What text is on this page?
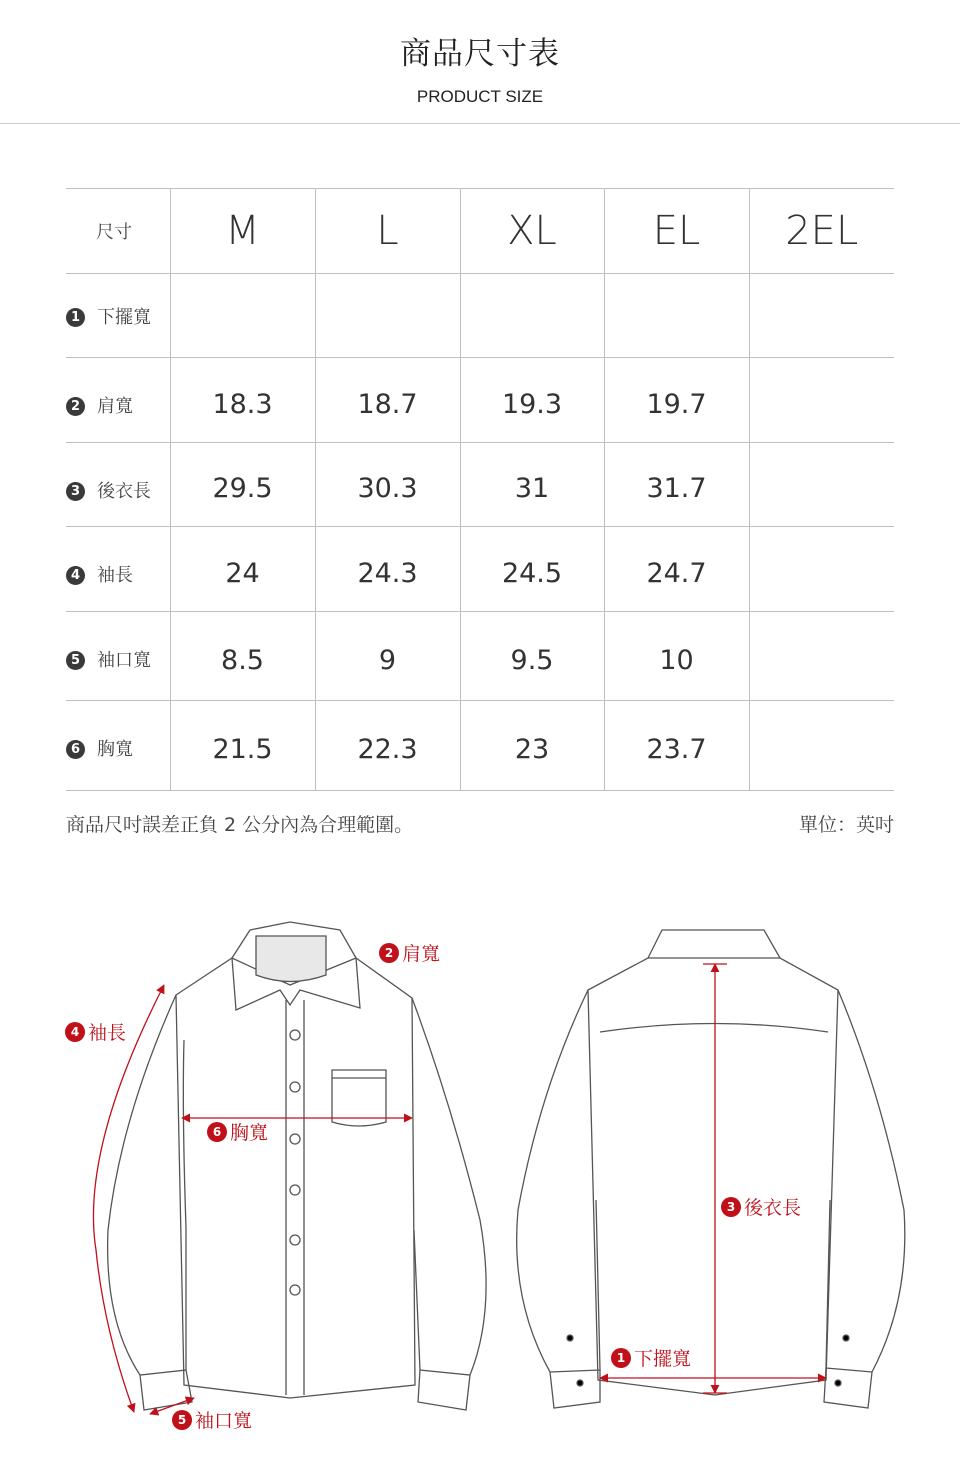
商品尺寸表
PRODUCT SIZE
尺寸	M	L	XL	EL	2EL
1 下擺寬					
2 肩寬	18.3	18.7	19.3	19.7	
3 後衣長	29.5	30.3	31	31.7	
4 袖長	24	24.3	24.5	24.7	
5 袖口寬	8.5	9	9.5	10	
6 胸寬	21.5	22.3	23	23.7	
商品尺吋誤差正負 2 公分內為合理範圍。	單位：英吋
2 肩寬
4 袖長
6 胸寬
5 袖口寬
3 後衣長
1 下擺寬
